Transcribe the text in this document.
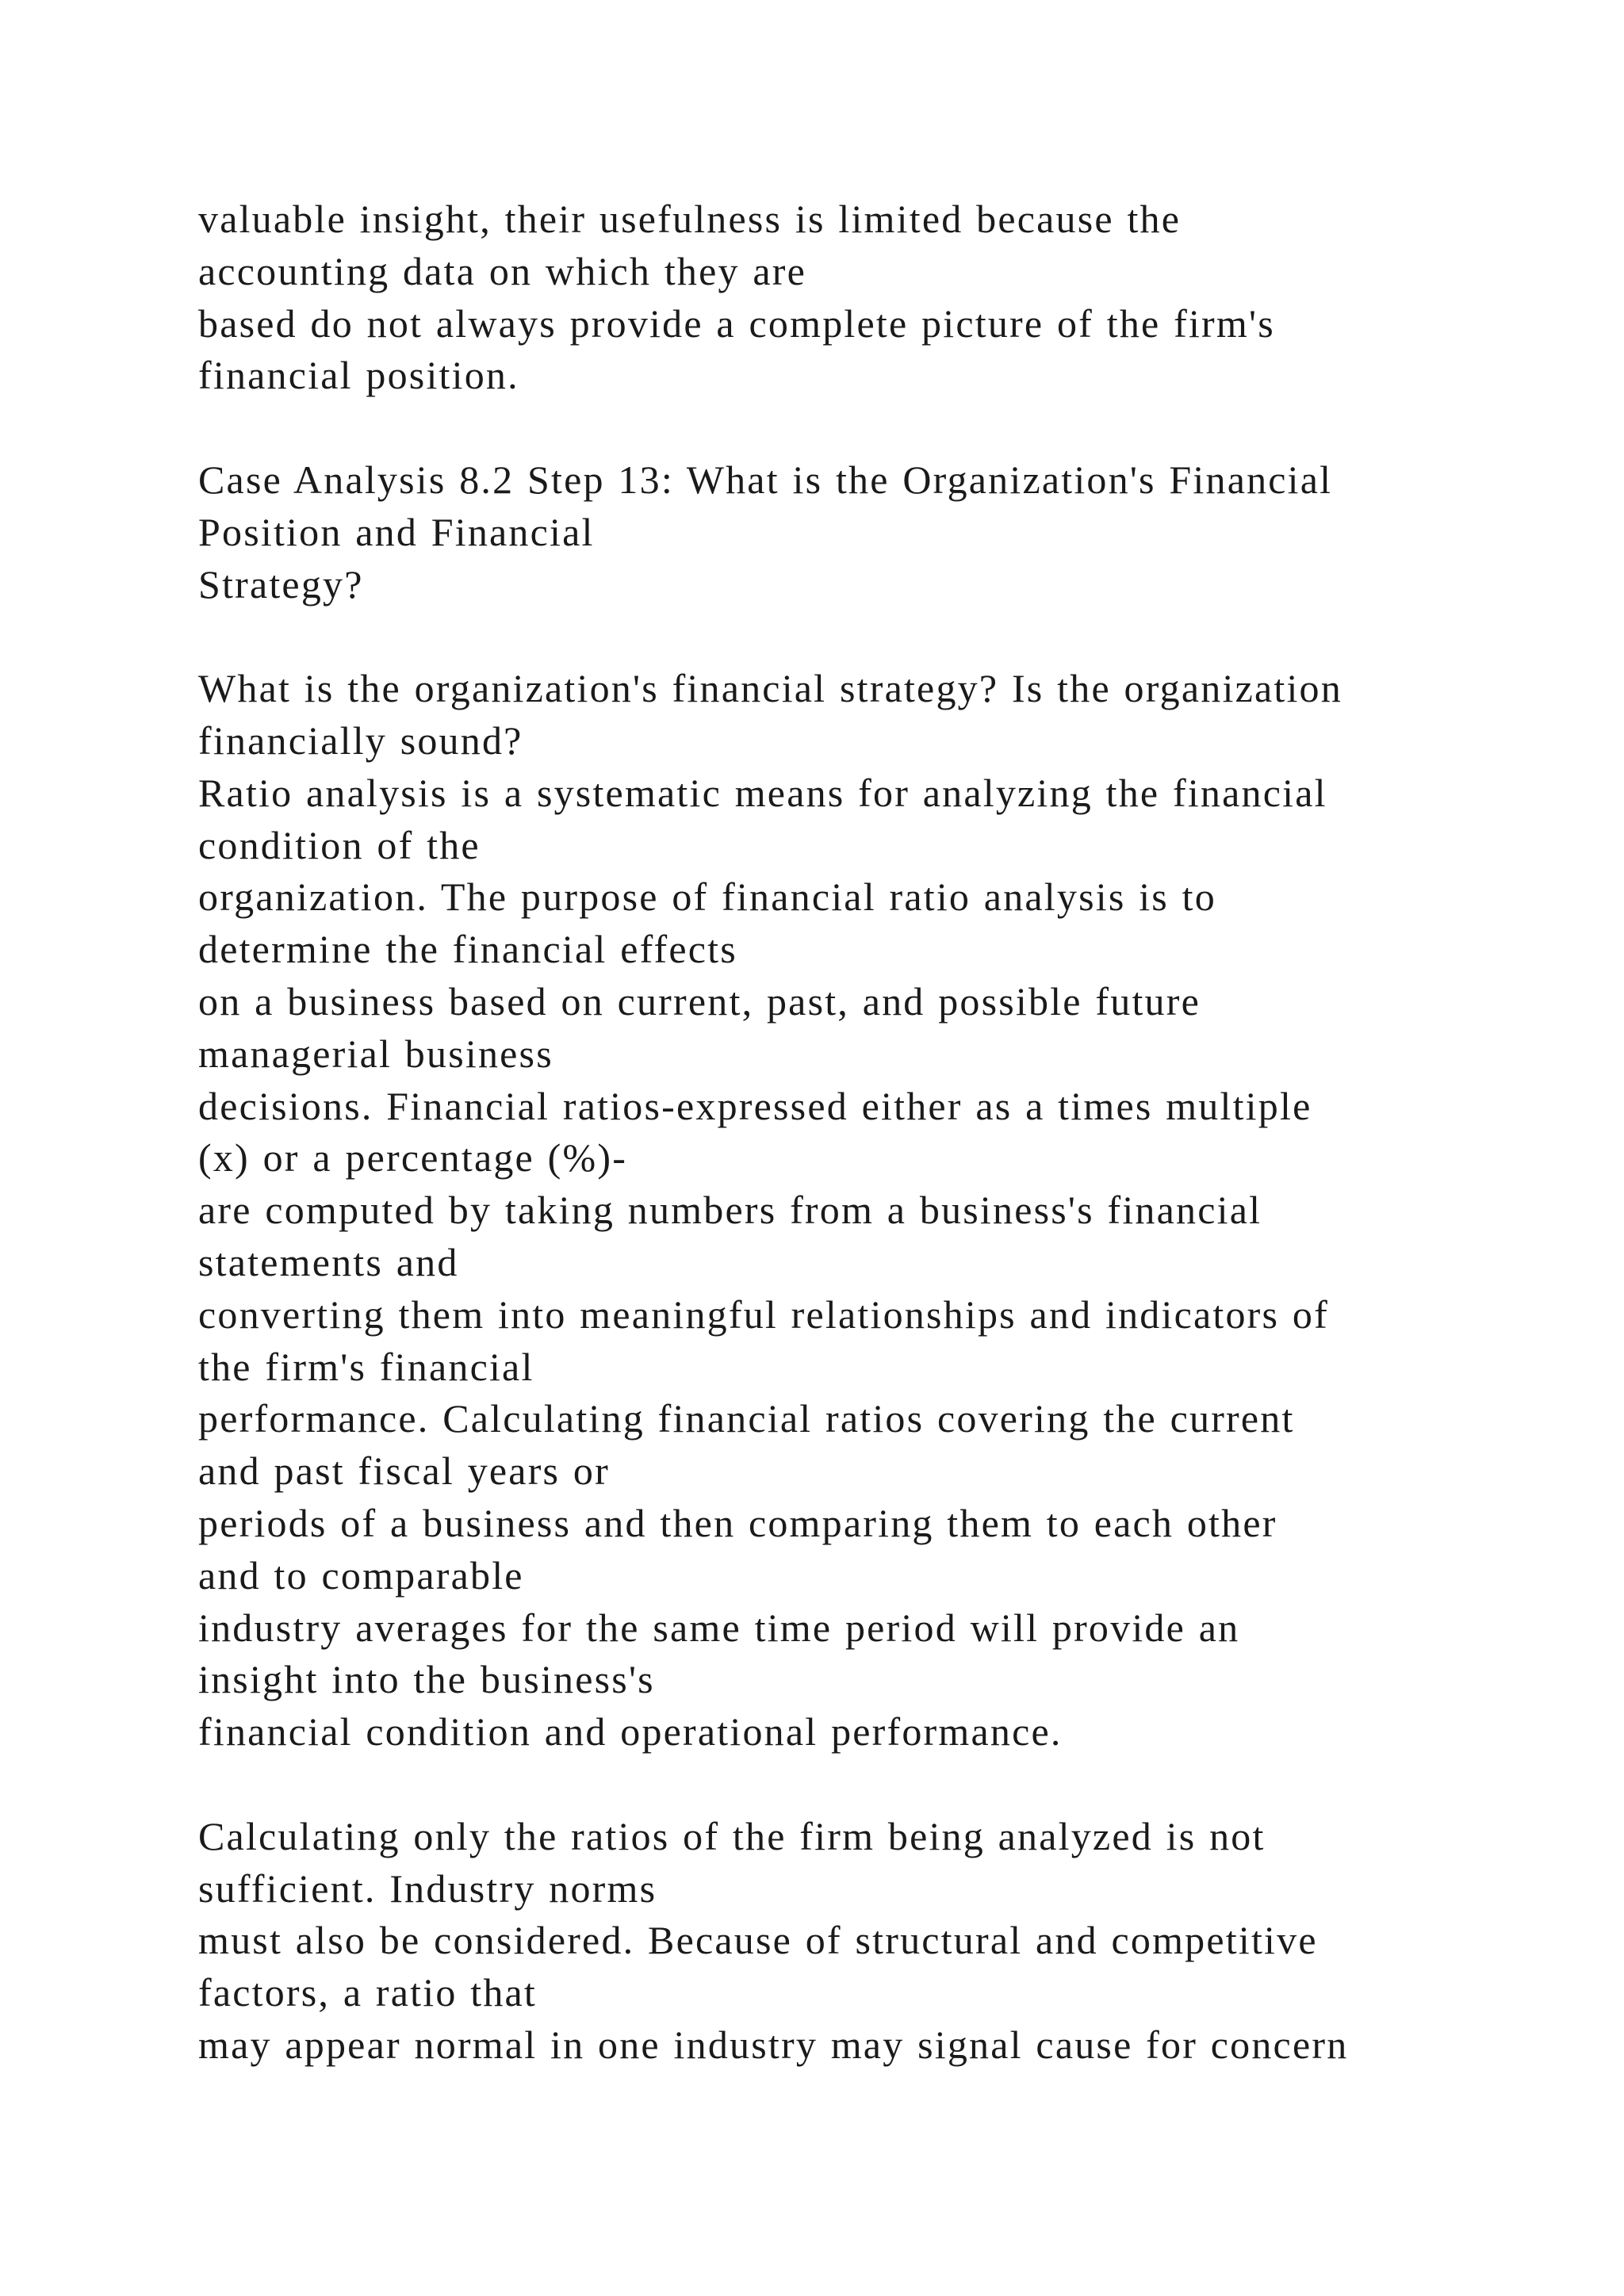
valuable insight, their usefulness is limited because the
accounting data on which they are
based do not always provide a complete picture of the firm's
financial position.
Case Analysis 8.2 Step 13: What is the Organization's Financial
Position and Financial
Strategy?
What is the organization's financial strategy? Is the organization
financially sound?
Ratio analysis is a systematic means for analyzing the financial
condition of the
organization. The purpose of financial ratio analysis is to
determine the financial effects
on a business based on current, past, and possible future
managerial business
decisions. Financial ratios-expressed either as a times multiple
(x) or a percentage (%)-
are computed by taking numbers from a business's financial
statements and
converting them into meaningful relationships and indicators of
the firm's financial
performance. Calculating financial ratios covering the current
and past fiscal years or
periods of a business and then comparing them to each other
and to comparable
industry averages for the same time period will provide an
insight into the business's
financial condition and operational performance.
Calculating only the ratios of the firm being analyzed is not
sufficient. Industry norms
must also be considered. Because of structural and competitive
factors, a ratio that
may appear normal in one industry may signal cause for concern
